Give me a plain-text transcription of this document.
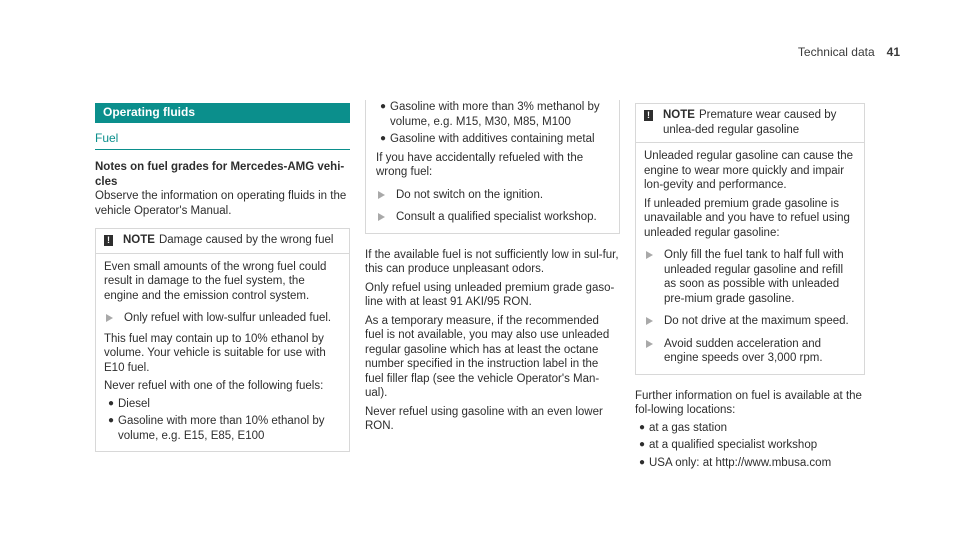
Technical data 41
Operating fluids
Fuel

Notes on fuel grades for Mercedes-AMG vehi-cles

Observe the information on operating fluids in the vehicle Operator's Manual.

! NOTE Damage caused by the wrong fuel

Even small amounts of the wrong fuel could result in damage to the fuel system, the engine and the emission control system.

Only refuel with low-sulfur unleaded fuel.

This fuel may contain up to 10% ethanol by volume. Your vehicle is suitable for use with E10 fuel.

Never refuel with one of the following fuels:

● Diesel
● Gasoline with more than 10% ethanol by volume, e.g. E15, E85, E100
● Gasoline with more than 3% methanol by volume, e.g. M15, M30, M85, M100
● Gasoline with additives containing metal

If you have accidentally refueled with the wrong fuel:

Do not switch on the ignition.
Consult a qualified specialist workshop.

If the available fuel is not sufficiently low in sul-fur, this can produce unpleasant odors.

Only refuel using unleaded premium grade gaso-line with at least 91 AKI/95 RON.

As a temporary measure, if the recommended fuel is not available, you may also use unleaded regular gasoline which has at least the octane number specified in the instruction label in the fuel filler flap (see the vehicle Operator's Man-ual).

Never refuel using gasoline with an even lower RON.

! NOTE Premature wear caused by unlea-ded regular gasoline

Unleaded regular gasoline can cause the engine to wear more quickly and impair lon-gevity and performance.

If unleaded premium grade gasoline is unavailable and you have to refuel using unleaded regular gasoline:

Only fill the fuel tank to half full with unleaded regular gasoline and refill as soon as possible with unleaded pre-mium grade gasoline.
Do not drive at the maximum speed.
Avoid sudden acceleration and engine speeds over 3,000 rpm.

Further information on fuel is available at the fol-lowing locations:

● at a gas station
● at a qualified specialist workshop
● USA only: at http://www.mbusa.com
